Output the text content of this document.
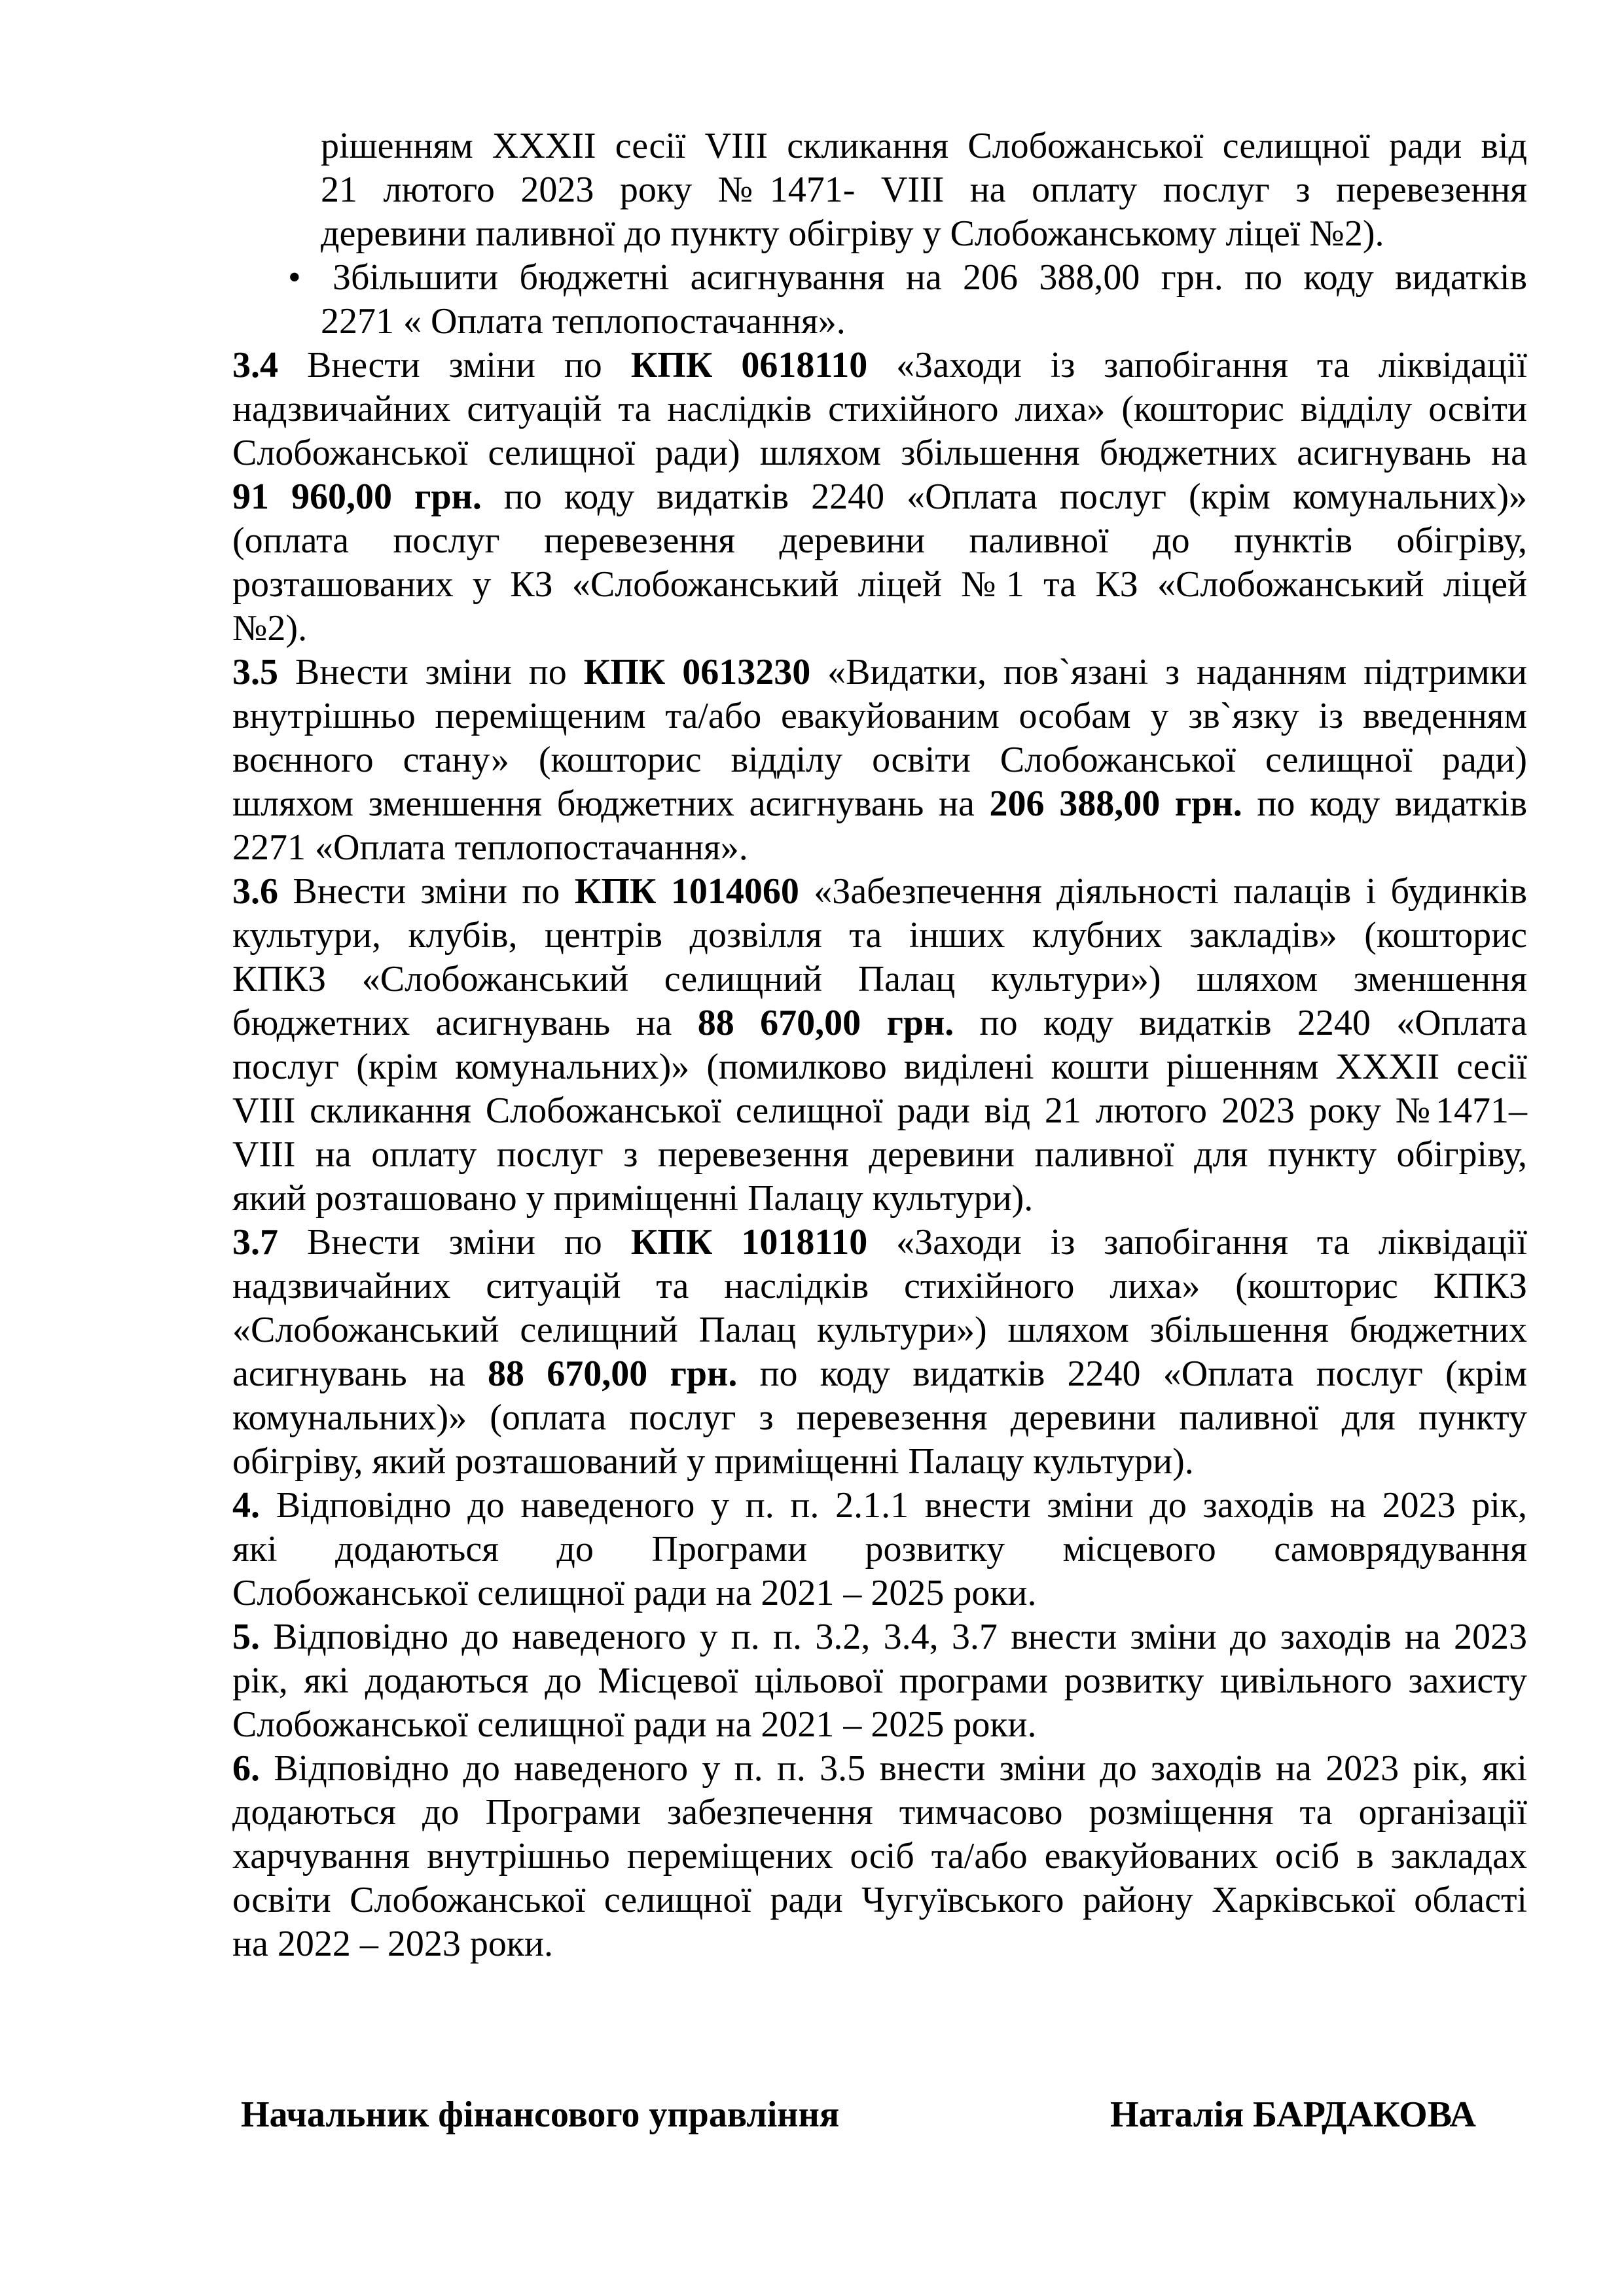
рішенням XXXII сесії VIII скликання Слобожанської селищної ради від
21 лютого 2023 року №1471- VIII на оплату послуг з перевезення
деревини паливної до пункту обігріву у Слобожанському ліцеї №2).
• Збільшити бюджетні асигнування на 206 388,00 грн. по коду видатків
2271 « Оплата теплопостачання».
3.4 Внести зміни по КПК 0618110 «Заходи із запобігання та ліквідації
надзвичайних ситуацій та наслідків стихійного лиха» (кошторис відділу освіти
Слобожанської селищної ради) шляхом збільшення бюджетних асигнувань на
91 960,00 грн. по коду видатків 2240 «Оплата послуг (крім комунальних)»
(оплата послуг перевезення деревини паливної до пунктів обігріву,
розташованих у КЗ «Слобожанський ліцей №1 та КЗ «Слобожанський ліцей
№2).
3.5 Внести зміни по КПК 0613230 «Видатки, пов`язані з наданням підтримки
внутрішньо переміщеним та/або евакуйованим особам у зв`язку із введенням
воєнного стану» (кошторис відділу освіти Слобожанської селищної ради)
шляхом зменшення бюджетних асигнувань на 206 388,00 грн. по коду видатків
2271 «Оплата теплопостачання».
3.6 Внести зміни по КПК 1014060 «Забезпечення діяльності палаців і будинків
культури, клубів, центрів дозвілля та інших клубних закладів» (кошторис
КПКЗ «Слобожанський селищний Палац культури») шляхом зменшення
бюджетних асигнувань на 88 670,00 грн. по коду видатків 2240 «Оплата
послуг (крім комунальних)» (помилково виділені кошти рішенням XXXII сесії
VIII скликання Слобожанської селищної ради від 21 лютого 2023 року №1471–
VIII на оплату послуг з перевезення деревини паливної для пункту обігріву,
який розташовано у приміщенні Палацу культури).
3.7 Внести зміни по КПК 1018110 «Заходи із запобігання та ліквідації
надзвичайних ситуацій та наслідків стихійного лиха» (кошторис КПКЗ
«Слобожанський селищний Палац культури») шляхом збільшення бюджетних
асигнувань на 88 670,00 грн. по коду видатків 2240 «Оплата послуг (крім
комунальних)» (оплата послуг з перевезення деревини паливної для пункту
обігріву, який розташований у приміщенні Палацу культури).
4. Відповідно до наведеного у п. п. 2.1.1 внести зміни до заходів на 2023 рік,
які додаються до Програми розвитку місцевого самоврядування
Слобожанської селищної ради на 2021 – 2025 роки.
5. Відповідно до наведеного у п. п. 3.2, 3.4, 3.7 внести зміни до заходів на 2023
рік, які додаються до Місцевої цільової програми розвитку цивільного захисту
Слобожанської селищної ради на 2021 – 2025 роки.
6. Відповідно до наведеного у п. п. 3.5 внести зміни до заходів на 2023 рік, які
додаються до Програми забезпечення тимчасово розміщення та організації
харчування внутрішньо переміщених осіб та/або евакуйованих осіб в закладах
освіти Слобожанської селищної ради Чугуївського району Харківської області
на 2022 – 2023 роки.
Начальник фінансового управління	Наталія БАРДАКОВА
